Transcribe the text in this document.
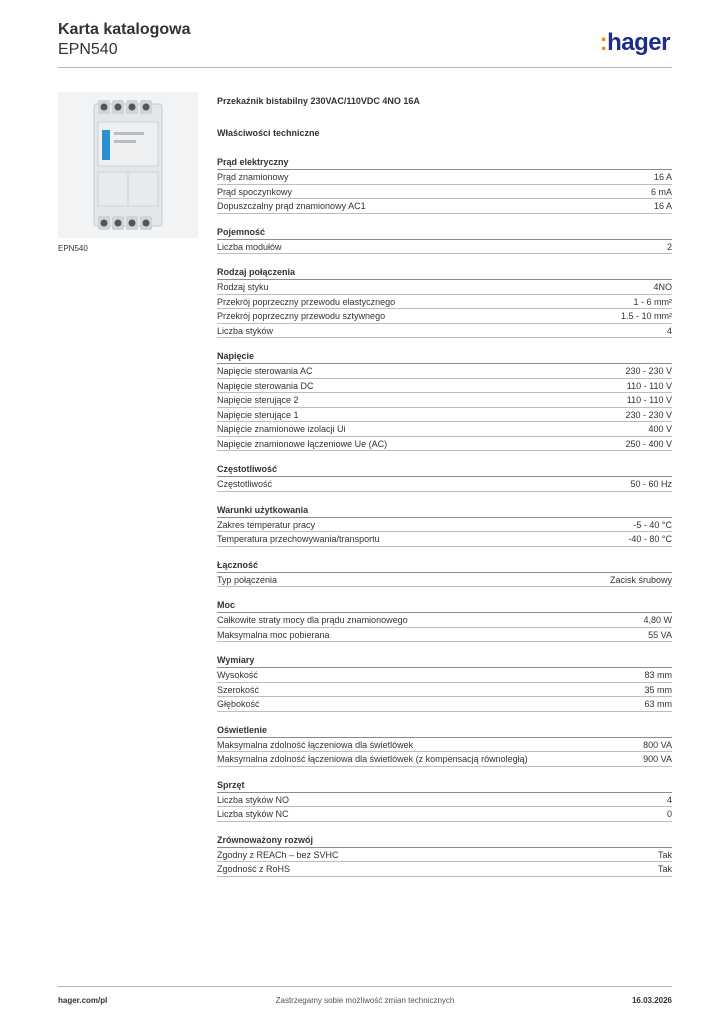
Karta katalogowa
EPN540	:hager
EPN540
Przekaźnik bistabilny 230VAC/110VDC 4NO 16A
Właściwości techniczne
Prąd elektryczny
Prąd znamionowy	16 A
Prąd spoczynkowy	6 mA
Dopuszczalny prąd znamionowy AC1	16 A
Pojemność
Liczba modułów	2
Rodzaj połączenia
Rodzaj styku	4NO
Przekrój poprzeczny przewodu elastycznego	1 - 6 mm²
Przekrój poprzeczny przewodu sztywnego	1.5 - 10 mm²
Liczba styków	4
Napięcie
Napięcie sterowania AC	230 - 230 V
Napięcie sterowania DC	110 - 110 V
Napięcie sterujące 2	110 - 110 V
Napięcie sterujące 1	230 - 230 V
Napięcie znamionowe izolacji Ui	400 V
Napięcie znamionowe łączeniowe Ue (AC)	250 - 400 V
Częstotliwość
Częstotliwość	50 - 60 Hz
Warunki użytkowania
Zakres temperatur pracy	-5 - 40 °C
Temperatura przechowywania/transportu	-40 - 80 °C
Łączność
Typ połączenia	Zacisk śrubowy
Moc
Całkowite straty mocy dla prądu znamionowego	4,80 W
Maksymalna moc pobierana	55 VA
Wymiary
Wysokość	83 mm
Szerokość	35 mm
Głębokość	63 mm
Oświetlenie
Maksymalna zdolność łączeniowa dla świetlówek	800 VA
Maksymalna zdolność łączeniowa dla świetlówek (z kompensacją równoległą)	900 VA
Sprzęt
Liczba styków NO	4
Liczba styków NC	0
Zrównoważony rozwój
Zgodny z REACh – bez SVHC	Tak
Zgodność z RoHS	Tak
hager.com/pl	Zastrzegamy sobie możliwość zmian technicznych	16.03.2026
